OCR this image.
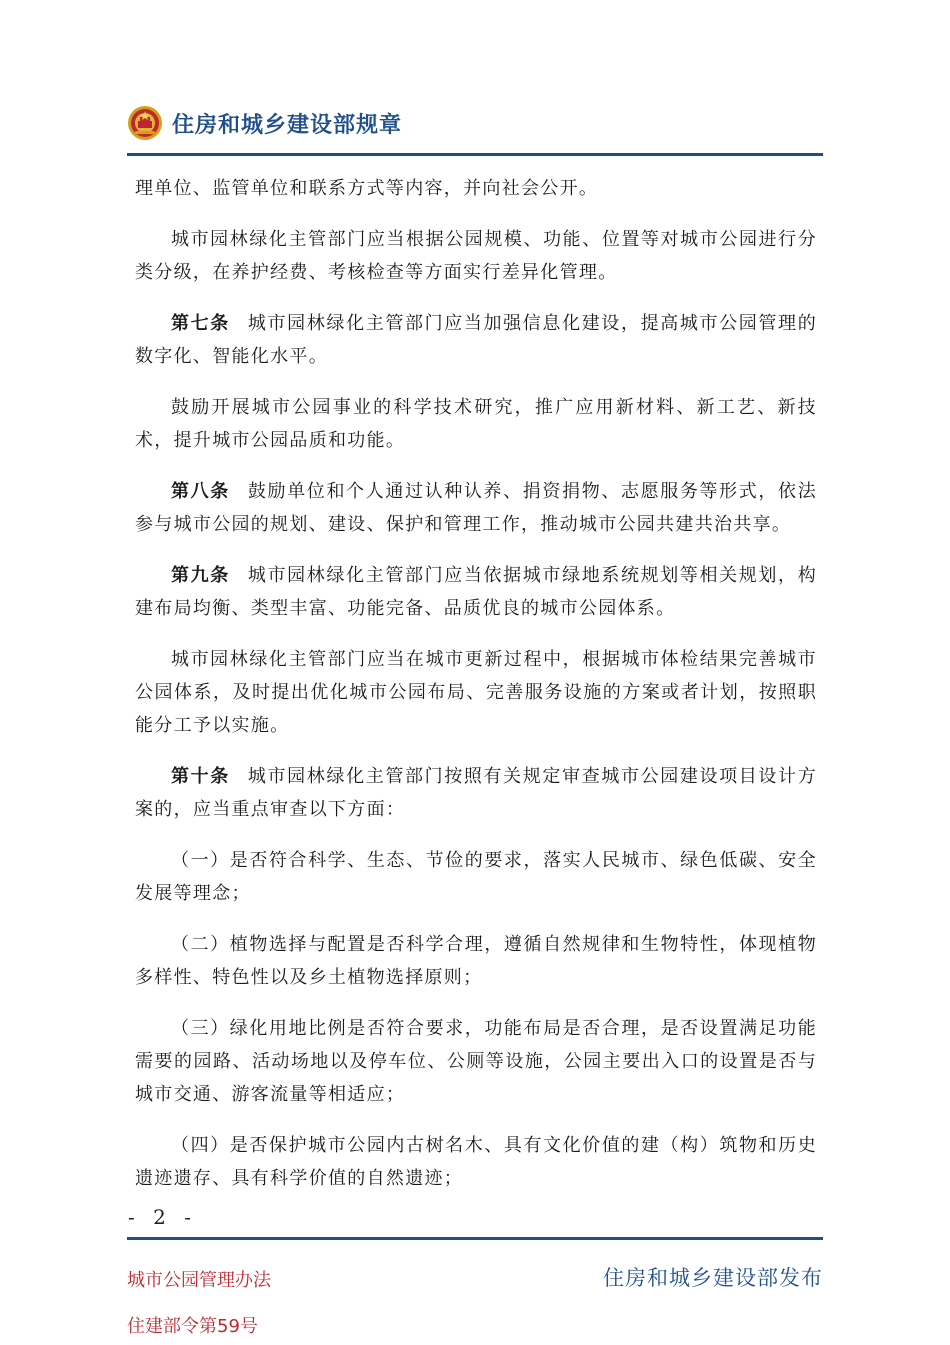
住房和城乡建设部规章

理单位、监管单位和联系方式等内容，并向社会公开。

城市园林绿化主管部门应当根据公园规模、功能、位置等对城市公园进行分类分级，在养护经费、考核检查等方面实行差异化管理。

第七条 城市园林绿化主管部门应当加强信息化建设，提高城市公园管理的数字化、智能化水平。

鼓励开展城市公园事业的科学技术研究，推广应用新材料、新工艺、新技术，提升城市公园品质和功能。

第八条 鼓励单位和个人通过认种认养、捐资捐物、志愿服务等形式，依法参与城市公园的规划、建设、保护和管理工作，推动城市公园共建共治共享。

第九条 城市园林绿化主管部门应当依据城市绿地系统规划等相关规划，构建布局均衡、类型丰富、功能完备、品质优良的城市公园体系。

城市园林绿化主管部门应当在城市更新过程中，根据城市体检结果完善城市公园体系，及时提出优化城市公园布局、完善服务设施的方案或者计划，按照职能分工予以实施。

第十条 城市园林绿化主管部门按照有关规定审查城市公园建设项目设计方案的，应当重点审查以下方面：

（一）是否符合科学、生态、节俭的要求，落实人民城市、绿色低碳、安全发展等理念；

（二）植物选择与配置是否科学合理，遵循自然规律和生物特性，体现植物多样性、特色性以及乡土植物选择原则；

（三）绿化用地比例是否符合要求，功能布局是否合理，是否设置满足功能需要的园路、活动场地以及停车位、公厕等设施，公园主要出入口的设置是否与城市交通、游客流量等相适应；

（四）是否保护城市公园内古树名木、具有文化价值的建（构）筑物和历史遗迹遗存、具有科学价值的自然遗迹；

- 2 -
城市公园管理办法
住建部令第59号
住房和城乡建设部发布
